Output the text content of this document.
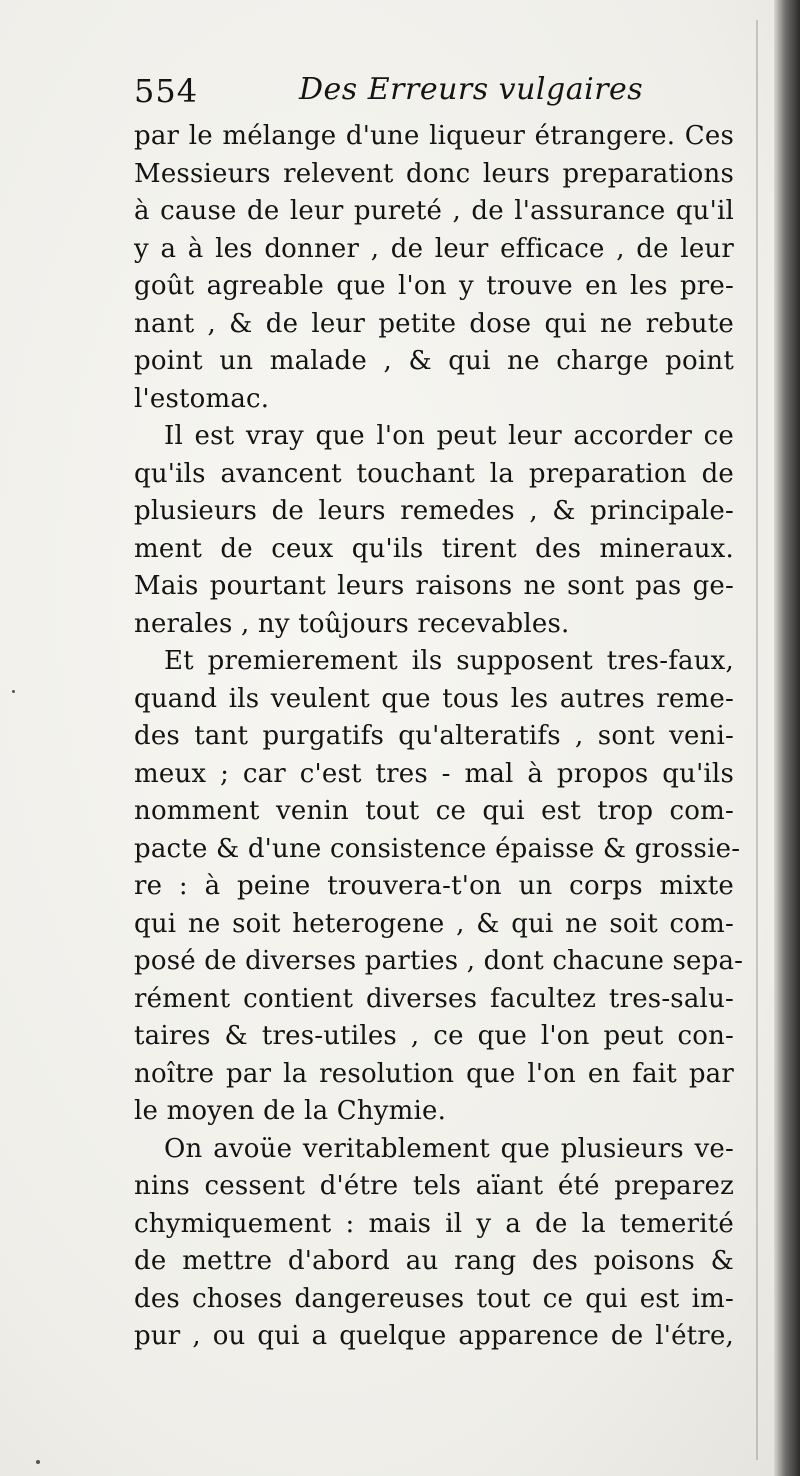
554	Des Erreurs vulgaires
par le mélange d'une liqueur étrangere. Ces
Messieurs relevent donc leurs preparations
à cause de leur pureté , de l'assurance qu'il
y a à les donner , de leur efficace , de leur
goût agreable que l'on y trouve en les pre-
nant , & de leur petite dose qui ne rebute
point un malade , & qui ne charge point
l'estomac.
Il est vray que l'on peut leur accorder ce
qu'ils avancent touchant la preparation de
plusieurs de leurs remedes , & principale-
ment de ceux qu'ils tirent des mineraux.
Mais pourtant leurs raisons ne sont pas ge-
nerales , ny toûjours recevables.
Et premierement ils supposent tres-faux,
quand ils veulent que tous les autres reme-
des tant purgatifs qu'alteratifs , sont veni-
meux ; car c'est tres - mal à propos qu'ils
nomment venin tout ce qui est trop com-
pacte & d'une consistence épaisse & grossie-
re : à peine trouvera-t'on un corps mixte
qui ne soit heterogene , & qui ne soit com-
posé de diverses parties , dont chacune sepa-
rément contient diverses facultez tres-salu-
taires & tres-utiles , ce que l'on peut con-
noître par la resolution que l'on en fait par
le moyen de la Chymie.
On avoüe veritablement que plusieurs ve-
nins cessent d'étre tels aïant été preparez
chymiquement : mais il y a de la temerité
de mettre d'abord au rang des poisons &
des choses dangereuses tout ce qui est im-
pur , ou qui a quelque apparence de l'étre,
